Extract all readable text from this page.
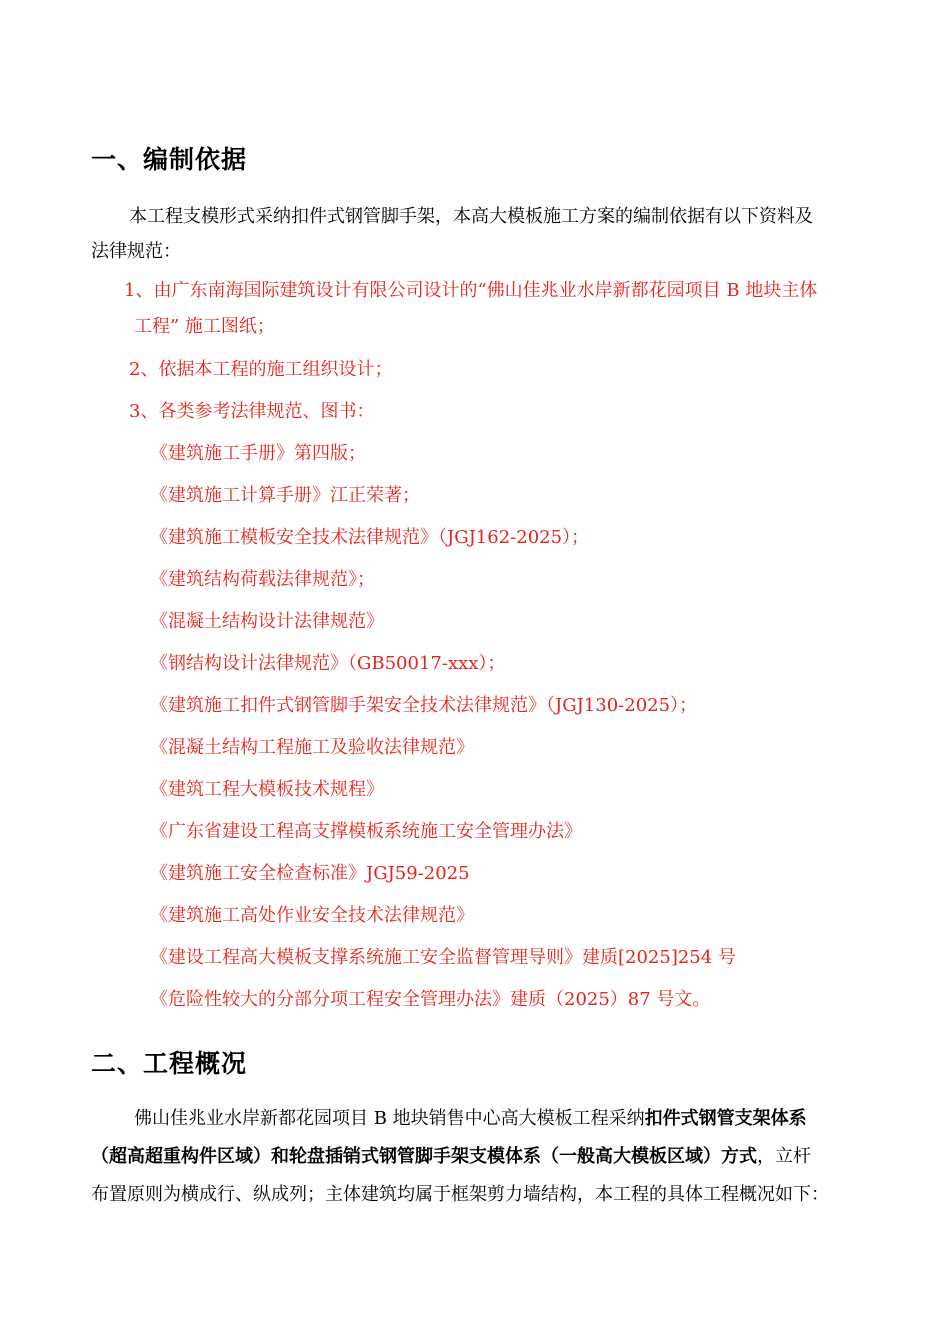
一、编制依据
本工程支模形式采纳扣件式钢管脚手架，本高大模板施工方案的编制依据有以下资料及
法律规范：
1、由广东南海国际建筑设计有限公司设计的“佛山佳兆业水岸新都花园项目 B 地块主体
工程” 施工图纸；
2、依据本工程的施工组织设计；
3、各类参考法律规范、图书：
《建筑施工手册》第四版；
《建筑施工计算手册》江正荣著；
《建筑施工模板安全技术法律规范》（JGJ162-2025）；
《建筑结构荷载法律规范》；
《混凝土结构设计法律规范》
《钢结构设计法律规范》（GB50017-xxx）；
《建筑施工扣件式钢管脚手架安全技术法律规范》（JGJ130-2025）；
《混凝土结构工程施工及验收法律规范》
《建筑工程大模板技术规程》
《广东省建设工程高支撑模板系统施工安全管理办法》
《建筑施工安全检查标准》JGJ59-2025
《建筑施工高处作业安全技术法律规范》
《建设工程高大模板支撑系统施工安全监督管理导则》建质[2025]254 号
《危险性较大的分部分项工程安全管理办法》建质（2025）87 号文。
二、工程概况
佛山佳兆业水岸新都花园项目 B 地块销售中心高大模板工程采纳扣件式钢管支架体系
（超高超重构件区域）和轮盘插销式钢管脚手架支模体系（一般高大模板区域）方式，立杆
布置原则为横成行、纵成列；主体建筑均属于框架剪力墙结构，本工程的具体工程概况如下：
